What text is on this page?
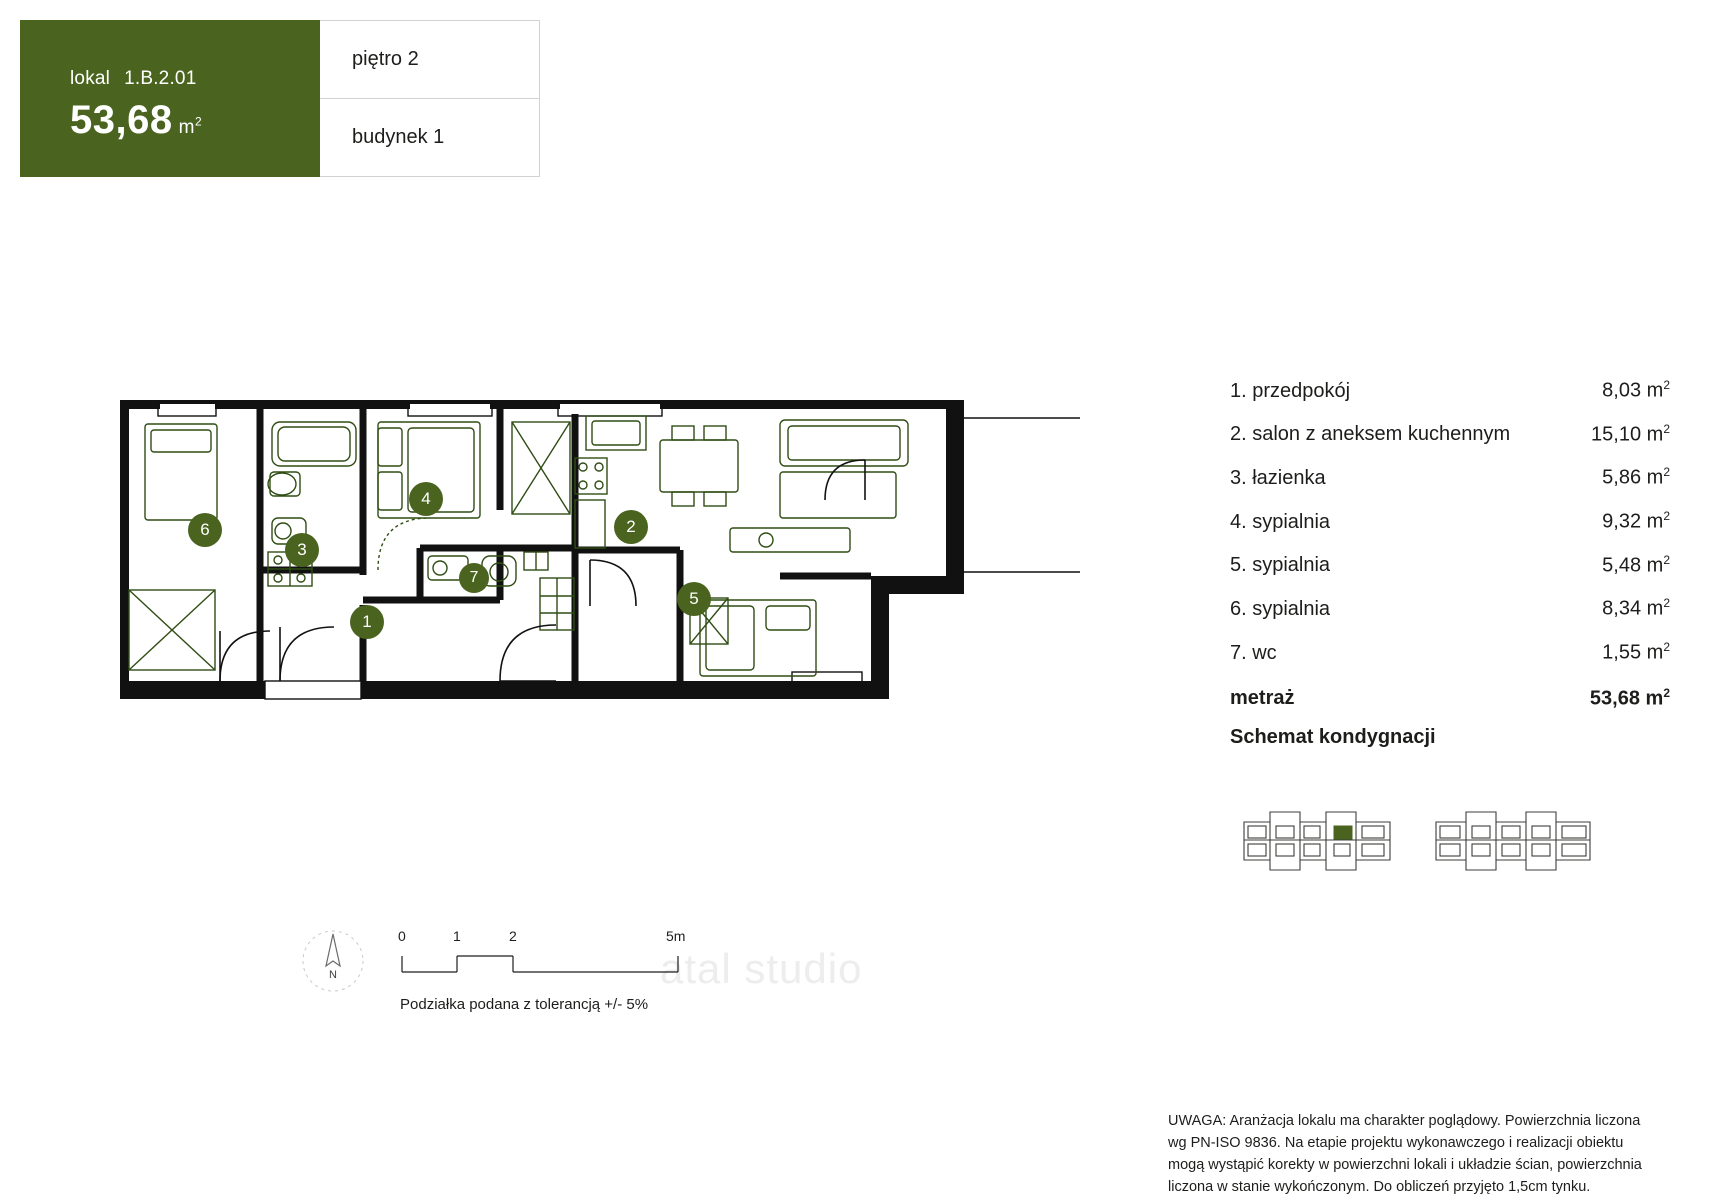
lokal 1.B.2.01
53,68 $m^2$
piętro 2
budynek 1
atal studio
6
3
4
1
7
2
5
1. przedpokój	8,03 $m^2$
2. salon z aneksem kuchennym	15,10 $m^2$
3. łazienka	5,86 $m^2$
4. sypialnia	9,32 $m^2$
5. sypialnia	5,48 $m^2$
6. sypialnia	8,34 $m^2$
7. wc	1,55 $m^2$
metraż	53,68 $m^2$
Schemat kondygnacji
N
0	1	2	5m
Podziałka podana z tolerancją +/- 5%
UWAGA: Aranżacja lokalu ma charakter poglądowy. Powierzchnia liczona
wg PN-ISO 9836. Na etapie projektu wykonawczego i realizacji obiektu
mogą wystąpić korekty w powierzchni lokali i układzie ścian, powierzchnia
liczona w stanie wykończonym. Do obliczeń przyjęto 1,5cm tynku.
